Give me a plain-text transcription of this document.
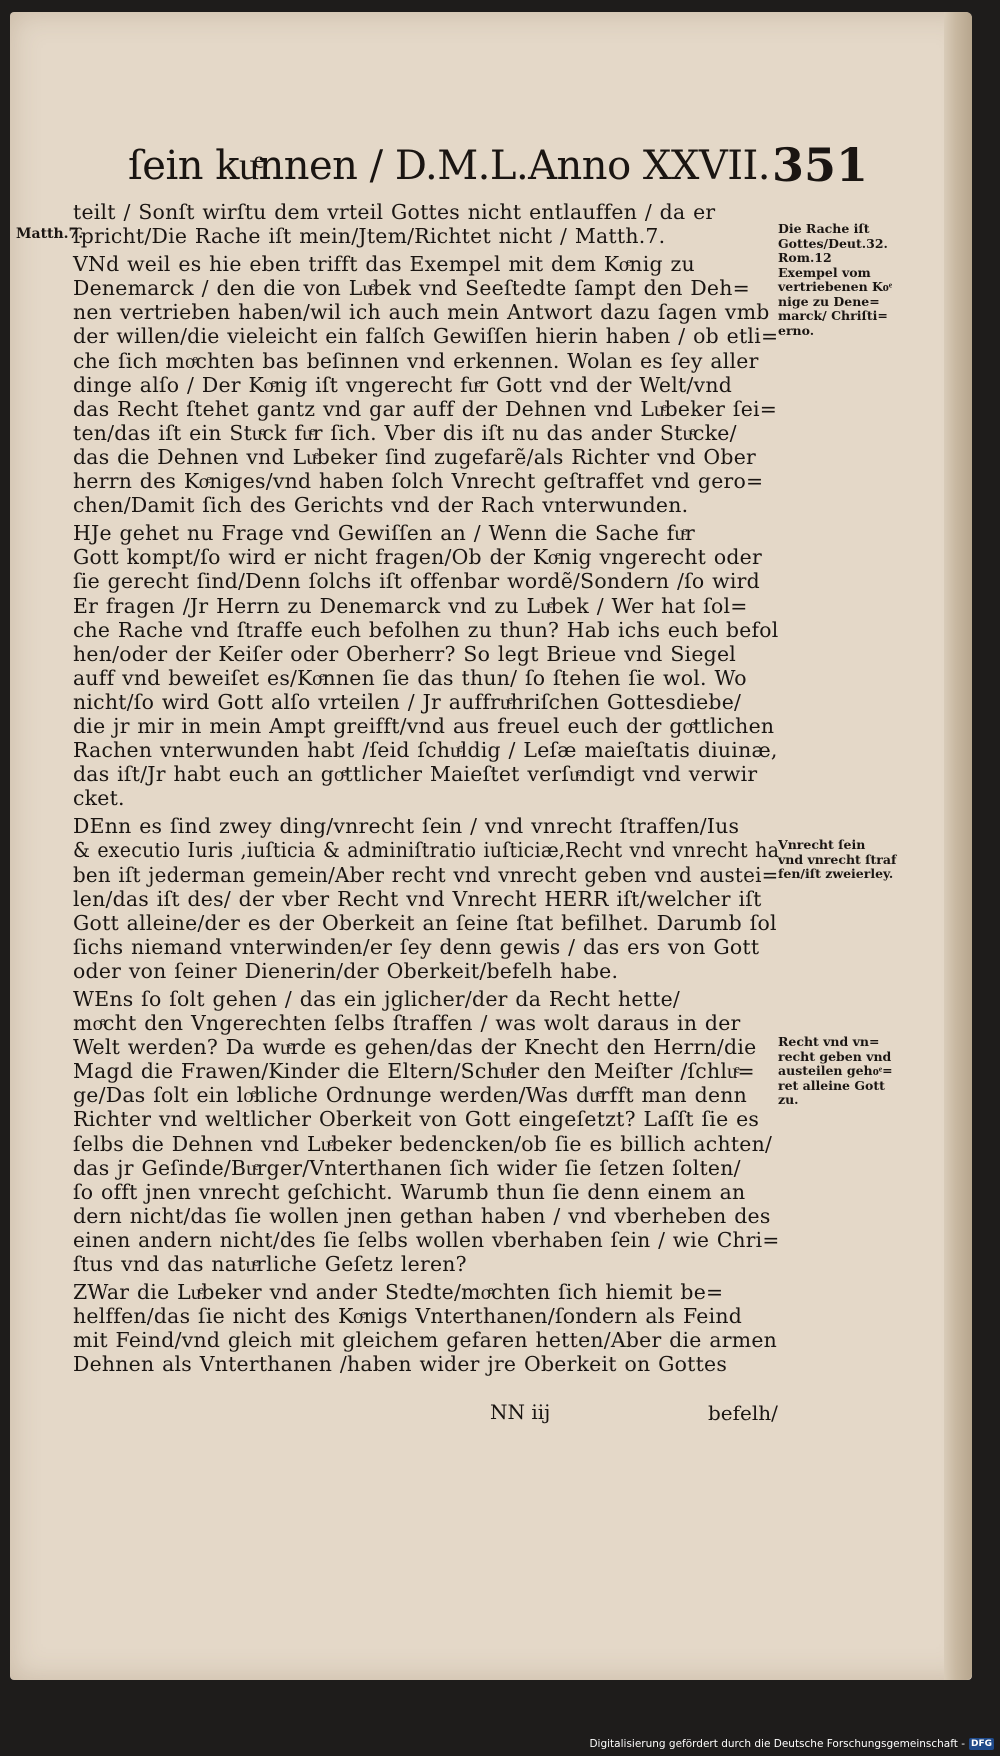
ſein kuͤnnen / D.M.L.Anno XXVII. 351
Matth.7.
teilt / Sonſt wirſtu dem vrteil Gottes nicht entlauffen / da er
ſpricht/Die Rache iſt mein/Jtem/Richtet nicht / Matth.7.
VNd weil es hie eben trifft das Exempel mit dem Koͤnig zu
Denemarck / den die von Luͤbek vnd Seeſtedte ſampt den Deh=
nen vertrieben haben/wil ich auch mein Antwort dazu ſagen vmb
der willen/die vieleicht ein falſch Gewiſſen hierin haben / ob etli=
che ſich moͤchten bas beſinnen vnd erkennen. Wolan es ſey aller
dinge alſo / Der Koͤnig iſt vngerecht fuͤr Gott vnd der Welt/vnd
das Recht ſtehet gantz vnd gar auff der Dehnen vnd Luͤbeker ſei=
ten/das iſt ein Stuͤck fuͤr ſich. Vber dis iſt nu das ander Stuͤcke/
das die Dehnen vnd Luͤbeker ſind zugefarẽ/als Richter vnd Ober
herrn des Koͤniges/vnd haben ſolch Vnrecht geſtraffet vnd gero=
chen/Damit ſich des Gerichts vnd der Rach vnterwunden.
HJe gehet nu Frage vnd Gewiſſen an / Wenn die Sache fuͤr
Gott kompt/ſo wird er nicht fragen/Ob der Koͤnig vngerecht oder
ſie gerecht ſind/Denn ſolchs iſt offenbar wordẽ/Sondern /ſo wird
Er fragen /Jr Herrn zu Denemarck vnd zu Luͤbek / Wer hat ſol=
che Rache vnd ſtraffe euch befolhen zu thun? Hab ichs euch befol
hen/oder der Keiſer oder Oberherr? So legt Brieue vnd Siegel
auff vnd beweiſet es/Koͤnnen ſie das thun/ ſo ſtehen ſie wol. Wo
nicht/ſo wird Gott alſo vrteilen / Jr auffruͤhriſchen Gottesdiebe/
die jr mir in mein Ampt greifft/vnd aus freuel euch der goͤttlichen
Rachen vnterwunden habt /ſeid ſchuͤldig / Leſæ maieſtatis diuinæ,
das iſt/Jr habt euch an goͤttlicher Maieſtet verſuͤndigt vnd verwir
cket.
DEnn es ſind zwey ding/vnrecht ſein / vnd vnrecht ſtraffen/Ius
& executio Iuris ,iuſticia & adminiſtratio iuſticiæ,Recht vnd vnrecht ha
ben iſt jederman gemein/Aber recht vnd vnrecht geben vnd austei=
len/das iſt des/ der vber Recht vnd Vnrecht HERR iſt/welcher iſt
Gott alleine/der es der Oberkeit an ſeine ſtat befilhet. Darumb ſol
ſichs niemand vnterwinden/er ſey denn gewis / das ers von Gott
oder von ſeiner Dienerin/der Oberkeit/befelh habe.
WEns ſo ſolt gehen / das ein jglicher/der da Recht hette/
moͤcht den Vngerechten ſelbs ſtraffen / was wolt daraus in der
Welt werden? Da wuͤrde es gehen/das der Knecht den Herrn/die
Magd die Frawen/Kinder die Eltern/Schuͤler den Meiſter /ſchluͤ=
ge/Das ſolt ein loͤbliche Ordnunge werden/Was duͤrfft man denn
Richter vnd weltlicher Oberkeit von Gott eingeſetzt? Laſſt ſie es
ſelbs die Dehnen vnd Luͤbeker bedencken/ob ſie es billich achten/
das jr Geſinde/Buͤrger/Vnterthanen ſich wider ſie ſetzen ſolten/
ſo offt jnen vnrecht geſchicht. Warumb thun ſie denn einem an
dern nicht/das ſie wollen jnen gethan haben / vnd vberheben des
einen andern nicht/des ſie ſelbs wollen vberhaben ſein / wie Chri=
ſtus vnd das natuͤrliche Geſetz leren?
ZWar die Luͤbeker vnd ander Stedte/moͤchten ſich hiemit be=
helffen/das ſie nicht des Koͤnigs Vnterthanen/ſondern als Feind
mit Feind/vnd gleich mit gleichem gefaren hetten/Aber die armen
Dehnen als Vnterthanen /haben wider jre Oberkeit on Gottes
Die Rache iſt
Gottes/Deut.32.
Rom.12
Exempel vom
vertriebenen Koͤ
nige zu Dene=
marck/ Chriſti=
erno.
Vnrecht ſein
vnd vnrecht ſtraf
fen/iſt zweierley.
Recht vnd vn=
recht geben vnd
austeilen gehoͤ=
ret alleine Gott
zu.
NN iij	befelh/
Digitalisierung gefördert durch die Deutsche Forschungsgemeinschaft - DFG
